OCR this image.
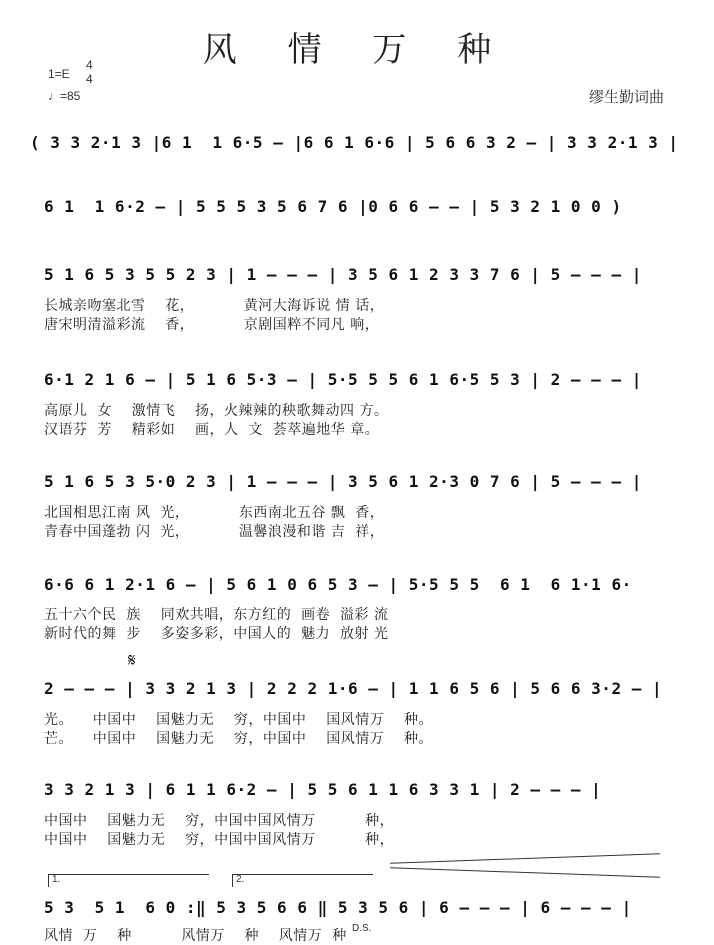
风 情 万 种
1=E
4
4
♩=85	缪生勤词曲
( 3 3 2·1 3 |6 1  1 6·5 – |6 6 1 6·6 | 5 6 6 3 2 – | 3 3 2·1 3 |
6 1  1 6·2 – | 5 5 5 3 5 6 7 6 |0 6 6 – – | 5 3 2 1 0 0 )
5 1 6 5 3 5 5 2 3 | 1 – – – | 3 5 6 1 2 3 3 7 6 | 5 – – – |
长城亲吻塞北雪    花，          黄河大海诉说 情 话，
唐宋明清溢彩流    香，          京剧国粹不同凡 响，
6·1 2 1 6 – | 5 1 6 5·3 – | 5·5 5 5 6 1 6·5 5 3 | 2 – – – |
高原儿  女    激情飞    扬，火辣辣的秧歌舞动四 方。
汉语芬  芳    精彩如    画，人  文  荟萃遍地华 章。
5 1 6 5 3 5·0 2 3 | 1 – – – | 3 5 6 1 2·3 0 7 6 | 5 – – – |
北国相思江南 风  光，          东西南北五谷 飘  香，
青春中国蓬勃 闪  光，          温馨浪漫和谐 吉  祥，
6·6 6 1 2·1 6 – | 5 6 1 0 6 5 3 – | 5·5 5 5  6 1  6 1·1 6·
五十六个民  族    同欢共唱，东方红的  画卷  溢彩 流
新时代的舞  步    多姿多彩，中国人的  魅力  放射 光
𝄋
2 – – – | 3 3 2 1 3 | 2 2 2 1·6 – | 1 1 6 5 6 | 5 6 6 3·2 – |
光。    中国中    国魅力无    穷，中国中    国风情万    种。
芒。    中国中    国魅力无    穷，中国中    国风情万    种。
3 3 2 1 3 | 6 1 1 6·2 – | 5 5 6 1 1 6 3 3 1 | 2 – – – |
中国中    国魅力无    穷，中国中国风情万          种，
中国中    国魅力无    穷，中国中国风情万          种，
1.	2.
5 3  5 1  6 0 :‖ 5 3 5 6 6 ‖ 5 3 5 6 | 6 – – – | 6 – – – |
风情  万    种          风情万    种    风情万  种 D.S.
